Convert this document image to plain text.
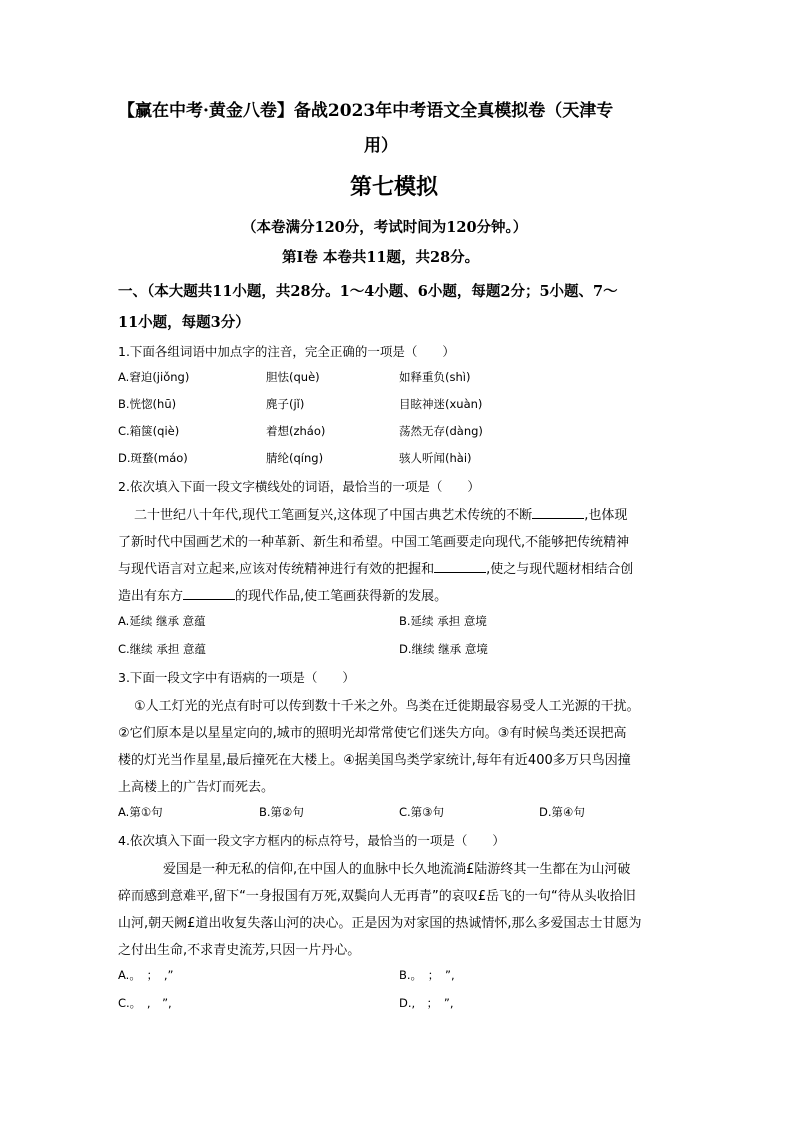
【赢在中考·黄金八卷】备战2023年中考语文全真模拟卷（天津专
用）
第七模拟
（本卷满分120分，考试时间为120分钟。）
第Ⅰ卷 本卷共11题，共28分。
一、（本大题共11小题，共28分。1～4小题、6小题，每题2分；5小题、7～
11小题，每题3分）
1.下面各组词语中加点字的注音，完全正确的一项是（　　）
A.窘迫(jiǒng)	胆怯(què)	如释重负(shì)
B.恍惚(hū)	麂子(jǐ)	目眩神迷(xuàn)
C.箱箧(qiè)	着想(zháo)	荡然无存(dàng)
D.斑蝥(máo)	腈纶(qíng)	骇人听闻(hài)
2.依次填入下面一段文字横线处的词语，最恰当的一项是（　　）
二十世纪八十年代,现代工笔画复兴,这体现了中国古典艺术传统的不断	,也体现
了新时代中国画艺术的一种革新、新生和希望。中国工笔画要走向现代,不能够把传统精神
与现代语言对立起来,应该对传统精神进行有效的把握和	,使之与现代题材相结合创
造出有东方	的现代作品,使工笔画获得新的发展。
A.延续 继承 意蕴	B.延续 承担 意境
C.继续 承担 意蕴	D.继续 继承 意境
3.下面一段文字中有语病的一项是（　　）
①人工灯光的光点有时可以传到数十千米之外。鸟类在迁徙期最容易受人工光源的干扰。
②它们原本是以星星定向的,城市的照明光却常常使它们迷失方向。③有时候鸟类还误把高
楼的灯光当作星星,最后撞死在大楼上。④据美国鸟类学家统计,每年有近400多万只鸟因撞
上高楼上的广告灯而死去。
A.第①句	B.第②句	C.第③句	D.第④句
4.依次填入下面一段文字方框内的标点符号，最恰当的一项是（　　）
爱国是一种无私的信仰,在中国人的血脉中长久地流淌£陆游终其一生都在为山河破
碎而感到意难平,留下“一身报国有万死,双鬓向人无再青”的哀叹£岳飞的一句“待从头收拾旧
山河,朝天阙£道出收复失落山河的决心。正是因为对家国的热诚情怀,那么多爱国志士甘愿为
之付出生命,不求青史流芳,只因一片丹心。
A.。　；　,”	B.。　；　”,
C.。　,　”,	D.,　；　”,
